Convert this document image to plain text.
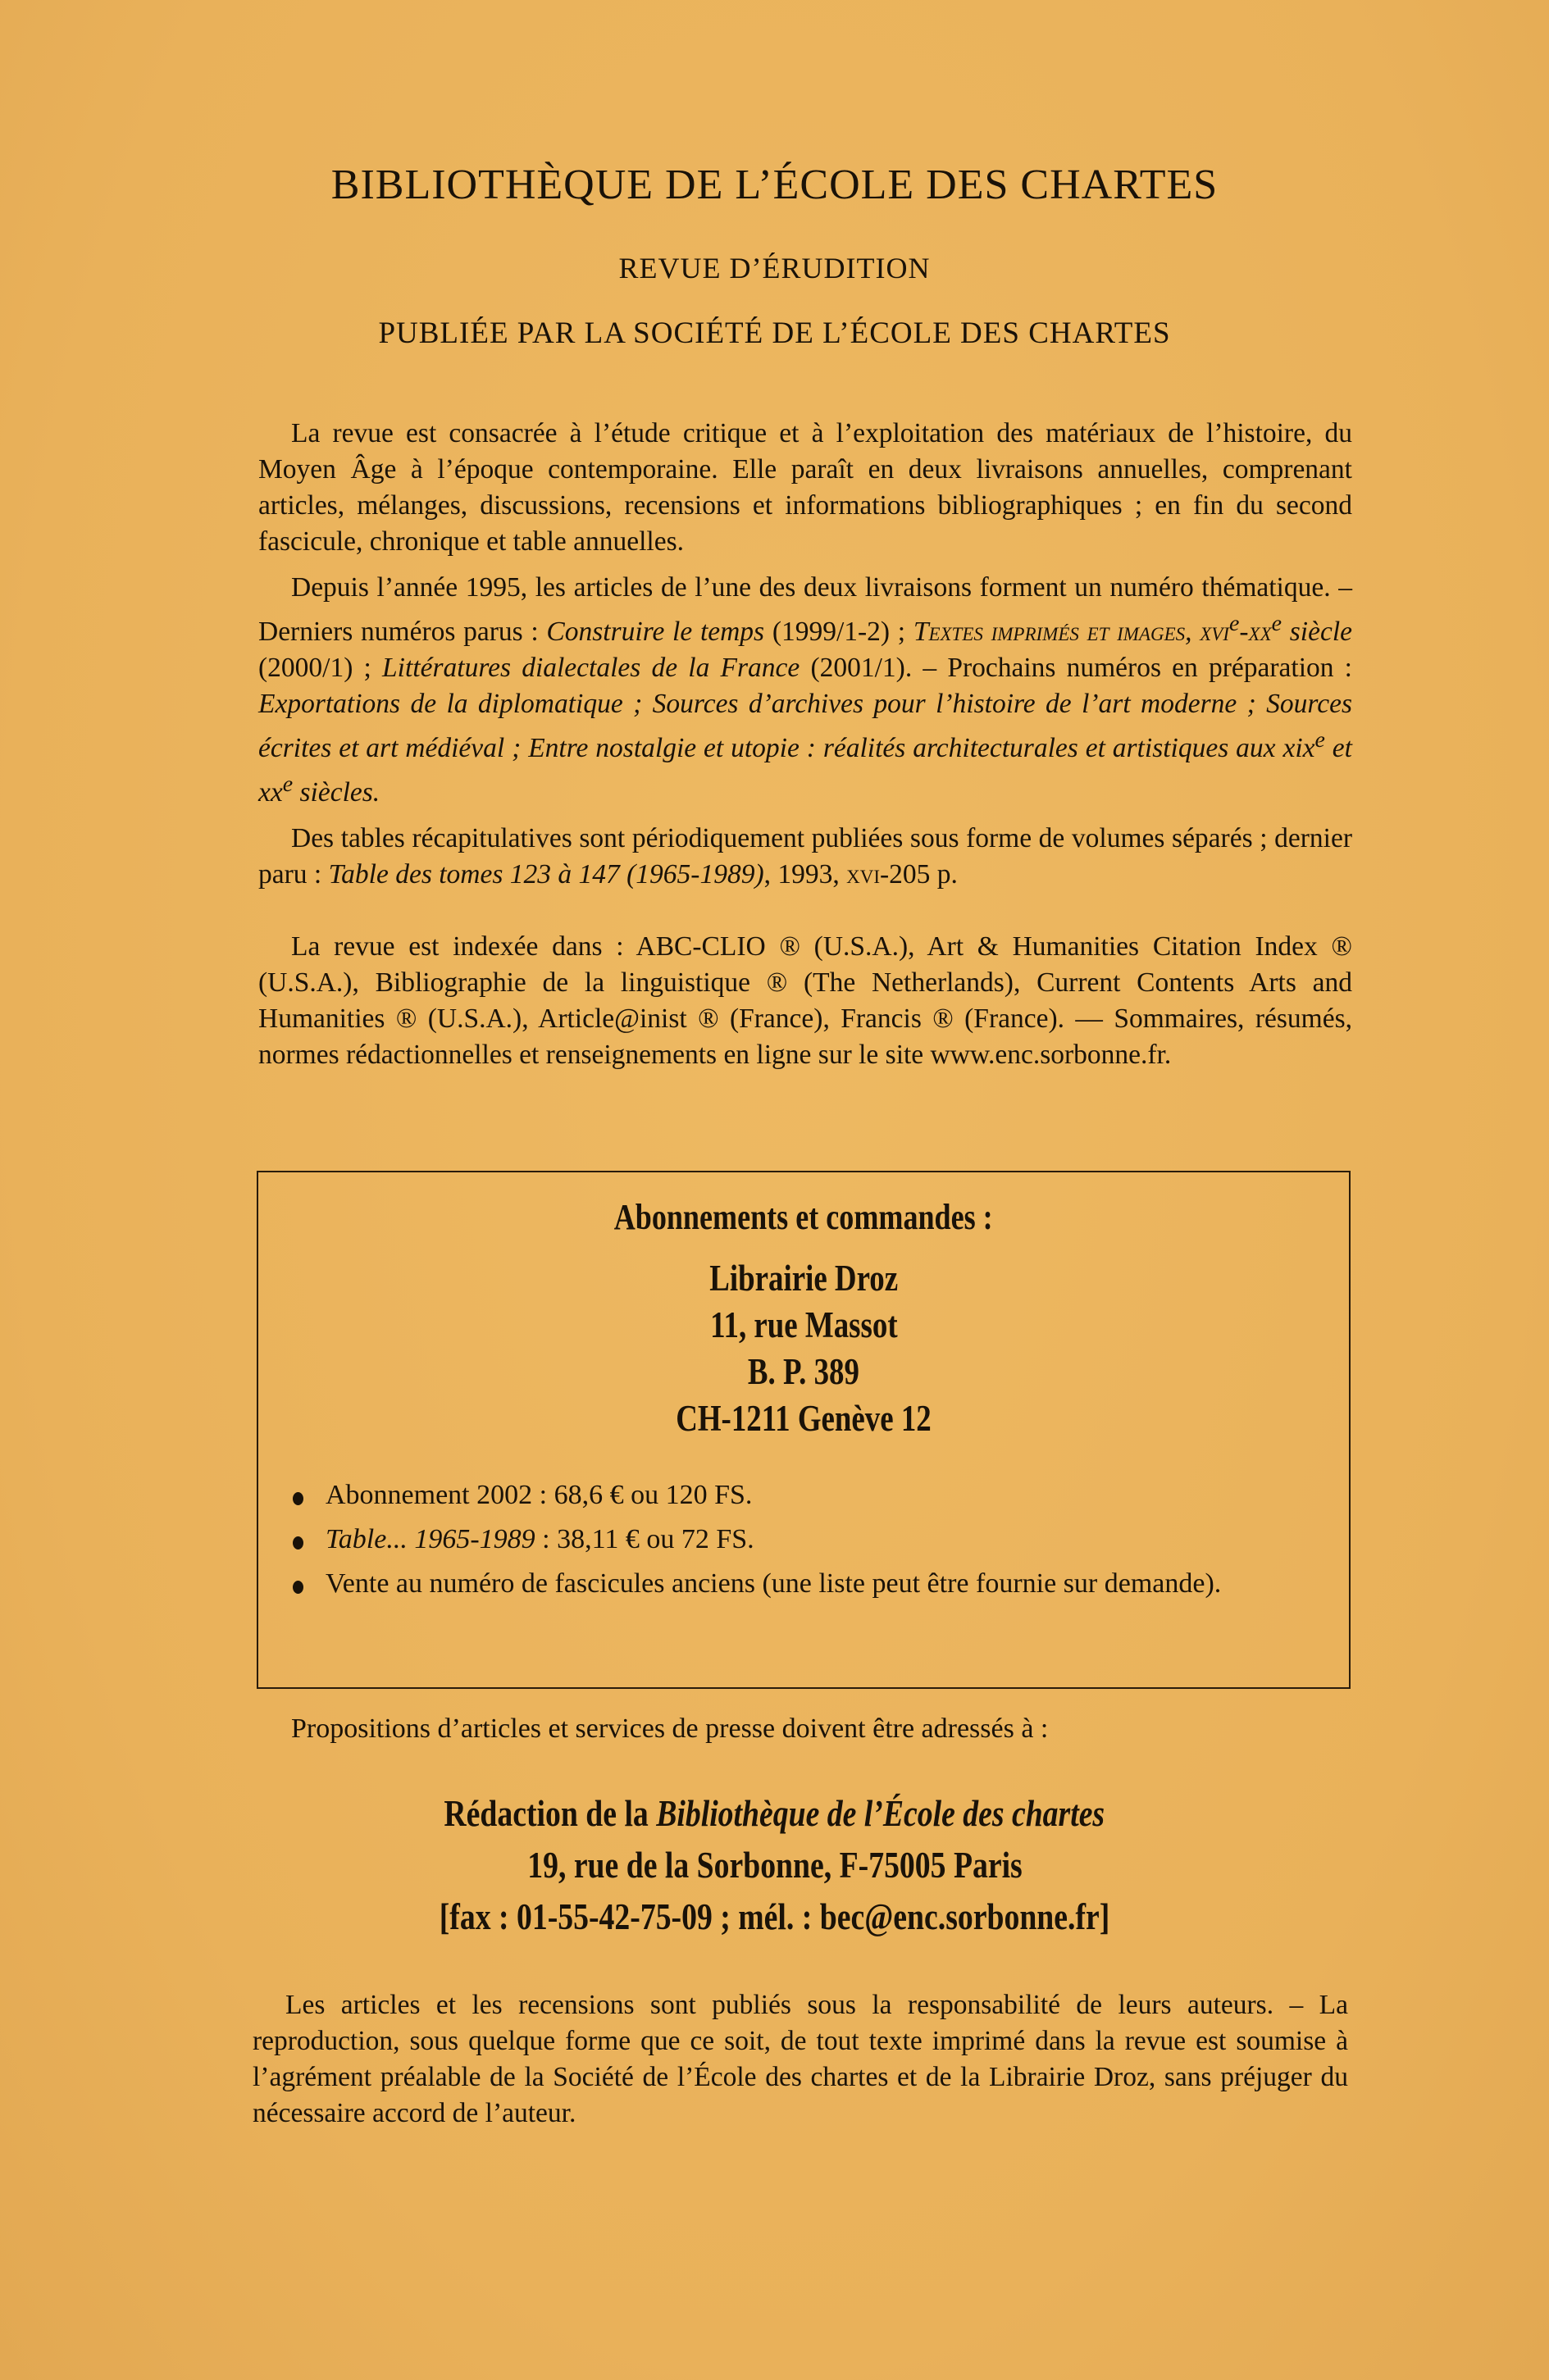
BIBLIOTHÈQUE DE L’ÉCOLE DES CHARTES
REVUE D’ÉRUDITION
PUBLIÉE PAR LA SOCIÉTÉ DE L’ÉCOLE DES CHARTES

La revue est consacrée à l’étude critique et à l’exploitation des matériaux de l’histoire, du Moyen Âge à l’époque contemporaine. Elle paraît en deux livraisons annuelles, comprenant articles, mélanges, discussions, recensions et informations bibliographiques ; en fin du second fascicule, chronique et table annuelles.

Depuis l’année 1995, les articles de l’une des deux livraisons forment un numéro thématique. – Derniers numéros parus : Construire le temps (1999/1-2) ; Textes imprimés et images, $xvi^e-xx^e$ siècle (2000/1) ; Littératures dialectales de la France (2001/1). – Prochains numéros en préparation : Exportations de la diplomatique ; Sources d’archives pour l’histoire de l’art moderne ; Sources écrites et art médiéval ; Entre nostalgie et utopie : réalités architecturales et artistiques aux xix$^e$ et $xx^e$ siècles.

Des tables récapitulatives sont périodiquement publiées sous forme de volumes séparés ; dernier paru : Table des tomes 123 à 147 (1965-1989), 1993, xvi-205 p.

La revue est indexée dans : ABC-CLIO ® (U.S.A.), Art & Humanities Citation Index ® (U.S.A.), Bibliographie de la linguistique ® (The Netherlands), Current Contents Arts and Humanities ® (U.S.A.), Article@inist ® (France), Francis ® (France). — Sommaires, résumés, normes rédactionnelles et renseignements en ligne sur le site www.enc.sorbonne.fr.

Abonnements et commandes :
Librairie Droz
11, rue Massot
B. P. 389
CH-1211 Genève 12
Abonnement 2002 : 68,6 € ou 120 FS.
Table... 1965-1989 : 38,11 € ou 72 FS.
Vente au numéro de fascicules anciens (une liste peut être fournie sur demande).
Propositions d’articles et services de presse doivent être adressés à :
Rédaction de la Bibliothèque de l’École des chartes
19, rue de la Sorbonne, F-75005 Paris
[fax : 01-55-42-75-09 ; mél. : bec@enc.sorbonne.fr]

Les articles et les recensions sont publiés sous la responsabilité de leurs auteurs. – La reproduction, sous quelque forme que ce soit, de tout texte imprimé dans la revue est soumise à l’agrément préalable de la Société de l’École des chartes et de la Librairie Droz, sans préjuger du nécessaire accord de l’auteur.
